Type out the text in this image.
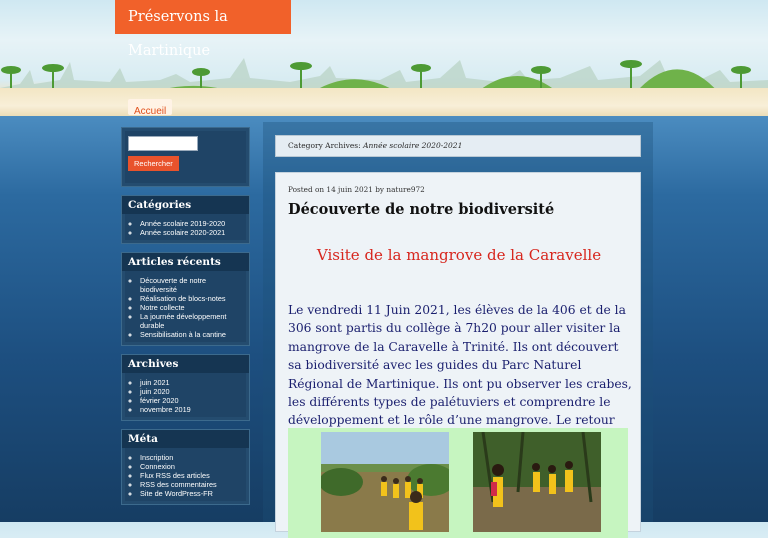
Préservons la Martinique
Accueil
Rechercher
Catégories
◦ Année scolaire 2019-2020
◦ Année scolaire 2020-2021
Articles récents
◦ Découverte de notre biodiversité
◦ Réalisation de blocs-notes
◦ Notre collecte
◦ La journée développement durable
◦ Sensibilisation à la cantine
Archives
◦ juin 2021
◦ juin 2020
◦ février 2020
◦ novembre 2019
Méta
◦ Inscription
◦ Connexion
◦ Flux RSS des articles
◦ RSS des commentaires
◦ Site de WordPress-FR
Category Archives: Année scolaire 2020-2021
Posted on 14 juin 2021 by nature972
Découverte de notre biodiversité
Visite de la mangrove de la Caravelle
Le vendredi 11 Juin 2021, les élèves de la 406 et de la 306 sont partis du collège à 7h20 pour aller visiter la mangrove de la Caravelle à Trinité. Ils ont découvert sa biodiversité avec les guides du Parc Naturel Régional de Martinique. Ils ont pu observer les crabes, les différents types de palétuviers et comprendre le développement et le rôle d’une mangrove. Le retour
